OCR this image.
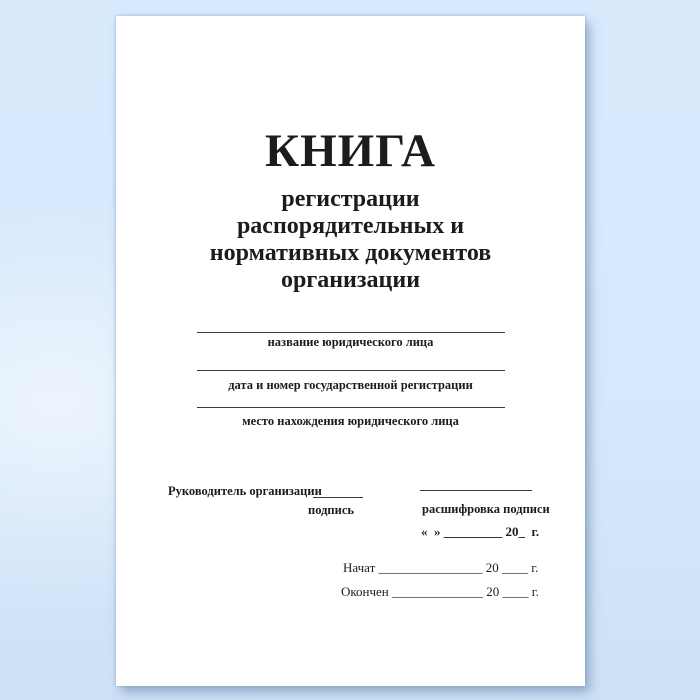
КНИГА
регистрации
распорядительных и
нормативных документов
организации
название юридического лица
дата и номер государственной регистрации
место нахождения юридического лица
Руководитель организации
подпись	расшифровка подписи
«  » _________ 20_  г.
Начат ________________ 20 ____ г.
Окончен ______________ 20 ____ г.
